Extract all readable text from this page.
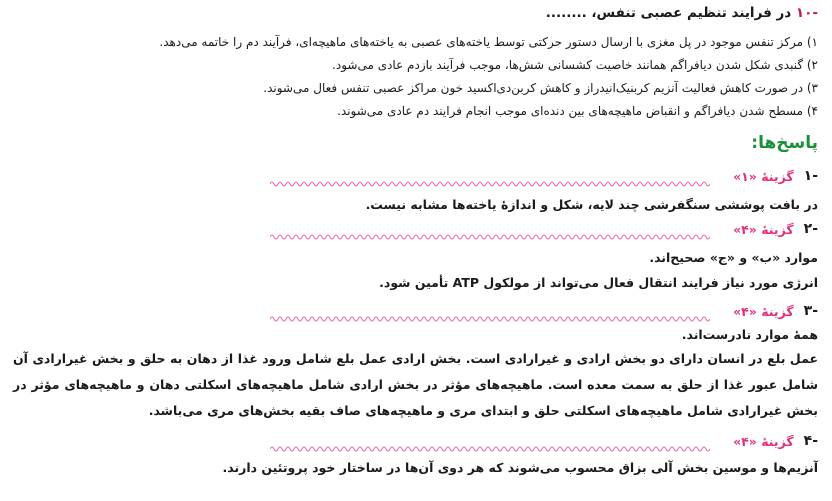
-۱۰ در فرایند تنظیم عصبی تنفس، ........
۱) مرکز تنفس موجود در پل مغزی با ارسال دستور حرکتی توسط یاخته‌های عصبی به یاخته‌های ماهیچه‌ای، فرآیند دم را خاتمه می‌دهد.
۲) گنبدی شکل شدن دیافراگم همانند خاصیت کشسانی شش‌ها، موجب فرآیند بازدم عادی می‌شود.
۳) در صورت کاهش فعالیت آنزیم کربنیک‌انیدراز و کاهش کربن‌دی‌اکسید خون مراکز عصبی تنفس فعال می‌شوند.
۴) مسطح شدن دیافراگم و انقباض ماهیچه‌های بین دنده‌ای موجب انجام فرایند دم عادی می‌شوند.
پاسخ‌ها:
-۱
گزینهٔ «۱»
در بافت پوششی سنگفرشی چند لایه، شکل و اندازهٔ یاخته‌ها مشابه نیست.
-۲
گزینهٔ «۴»
موارد «ب» و «ج» صحیح‌اند.
انرژی مورد نیاز فرایند انتقال فعال می‌تواند از مولکول ATP تأمین شود.
-۳
گزینهٔ «۴»
همهٔ موارد نادرست‌اند.
عمل بلع در انسان دارای دو بخش ارادی و غیرارادی است. بخش ارادی عمل بلع شامل ورود غذا از دهان به حلق و بخش غیرارادی آن شامل عبور غذا از حلق به سمت معده است. ماهیچه‌های مؤثر در بخش ارادی شامل ماهیچه‌های اسکلتی دهان و ماهیچه‌های مؤثر در بخش غیرارادی شامل ماهیچه‌های اسکلتی حلق و ابتدای مری و ماهیچه‌های صاف بقیه بخش‌های مری می‌باشد.
-۴
گزینهٔ «۴»
آنزیم‌ها و موسین بخش آلی بزاق محسوب می‌شوند که هر دوی آن‌ها در ساختار خود پروتئین دارند.
